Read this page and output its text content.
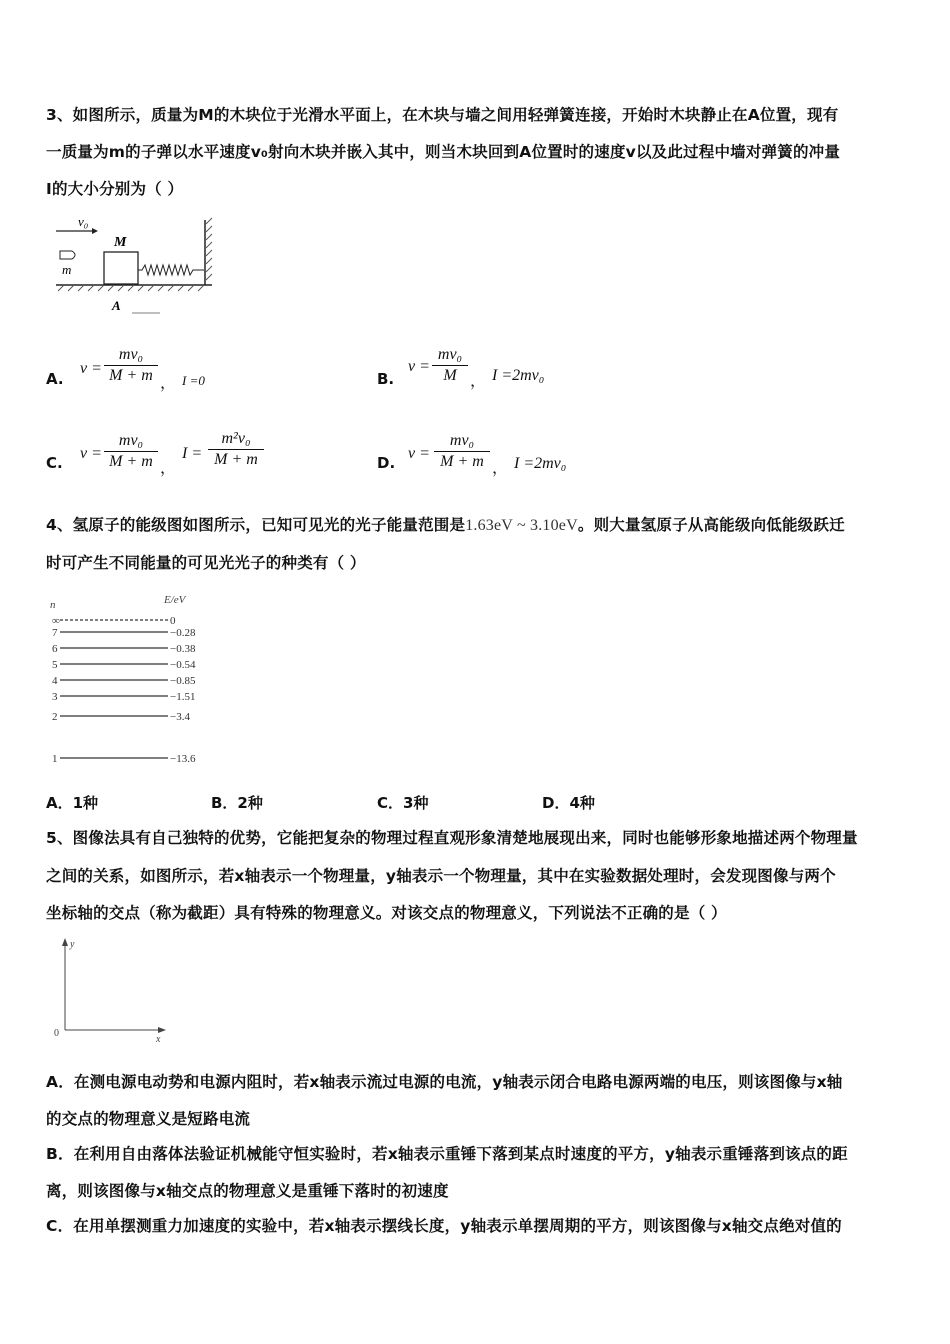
3、如图所示，质量为M的木块位于光滑水平面上，在木块与墙之间用轻弹簧连接，开始时木块静止在A位置，现有
一质量为m的子弹以水平速度v₀射向木块并嵌入其中，则当木块回到A位置时的速度v以及此过程中墙对弹簧的冲量
I的大小分别为（ ）
v₀
m
M
A
A.
v =
mv₀
M + m ， I =0	B.
v =
mv₀
M ， I =2mv₀
C.
v =
mv₀
M + m ，
I =
m²v₀
M + m	D.
v =
mv₀
M + m ， I =2mv₀
4、氢原子的能级图如图所示，已知可见光的光子能量范围是1.63eV ~ 3.10eV。则大量氢原子从高能级向低能级跃迁
时可产生不同能量的可见光光子的种类有（ ）
n	E/eV
∞	0
7	−0.28
6	−0.38
5	−0.54
4	−0.85
3	−1.51
2	−3.4
1	−13.6
A．1种	B．2种	C．3种	D．4种
5、图像法具有自己独特的优势，它能把复杂的物理过程直观形象清楚地展现出来，同时也能够形象地描述两个物理量
之间的关系，如图所示，若x轴表示一个物理量，y轴表示一个物理量，其中在实验数据处理时，会发现图像与两个
坐标轴的交点（称为截距）具有特殊的物理意义。对该交点的物理意义，下列说法不正确的是（ ）
y
x
0
A．在测电源电动势和电源内阻时，若x轴表示流过电源的电流，y轴表示闭合电路电源两端的电压，则该图像与x轴
的交点的物理意义是短路电流
B．在利用自由落体法验证机械能守恒实验时，若x轴表示重锤下落到某点时速度的平方，y轴表示重锤落到该点的距
离，则该图像与x轴交点的物理意义是重锤下落时的初速度
C．在用单摆测重力加速度的实验中，若x轴表示摆线长度，y轴表示单摆周期的平方，则该图像与x轴交点绝对值的
